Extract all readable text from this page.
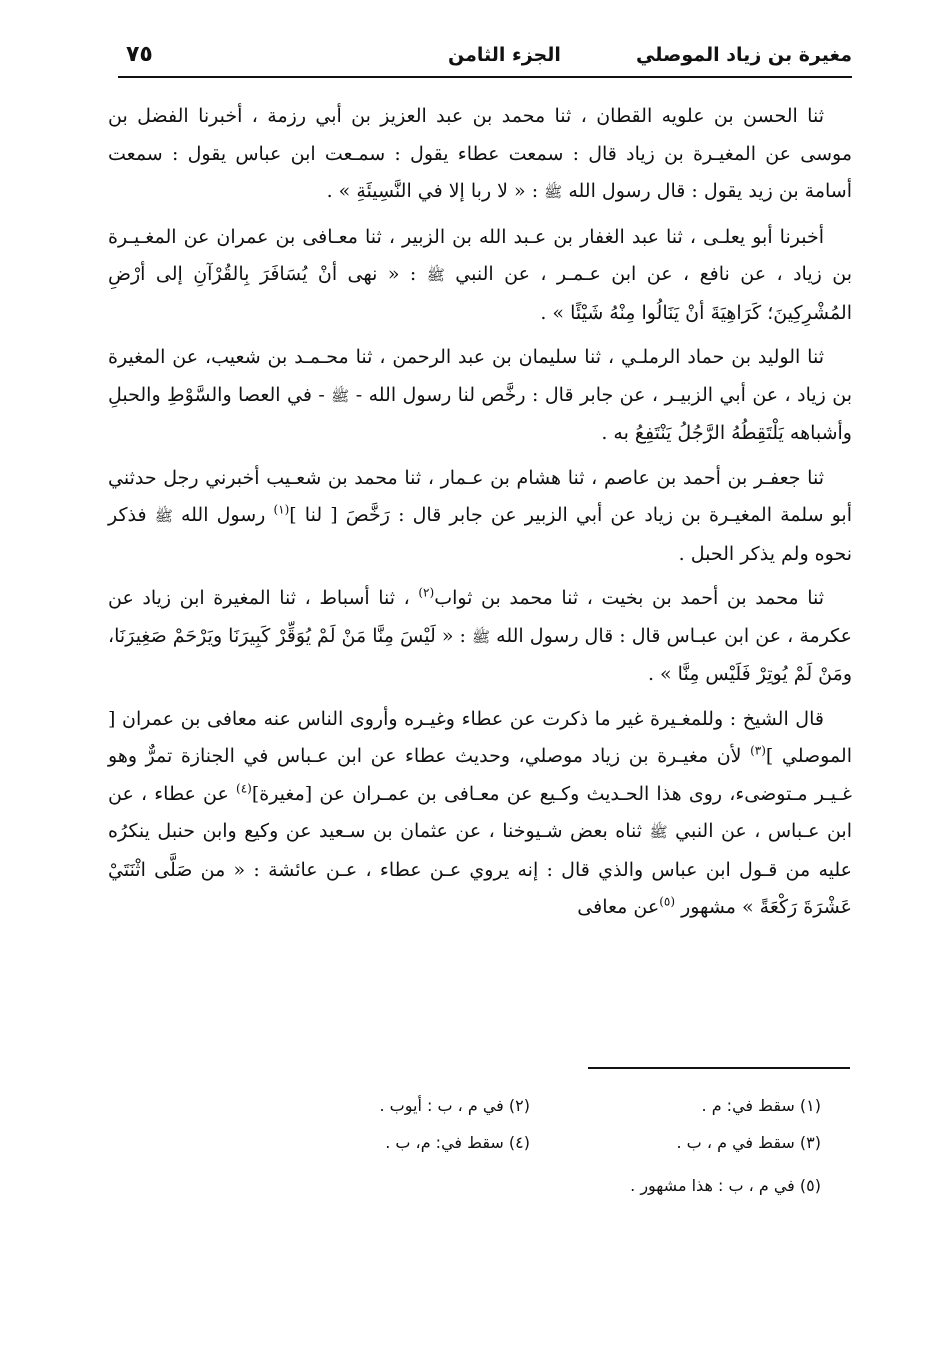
مغيرة بن زياد الموصلي
الجزء الثامن
٧٥

ثنا الحسن بن علويه القطان ، ثنا محمد بن عبد العزيز بن أبي رزمة ، أخبرنا الفضل بن موسى عن المغيـرة بن زياد قال : سمعت عطاء يقول : سمـعت ابن عباس يقول : سمعت أسامة بن زيد يقول : قال رسول الله ﷺ : « لا ربا إلا في النَّسِيئَةِ » .

أخبرنا أبو يعلـى ، ثنا عبد الغفار بن عـبد الله بن الزبير ، ثنا معـافى بن عمران عن المغـيـرة بن زياد ، عن نافع ، عن ابن عـمـر ، عن النبي ﷺ : « نهى أنْ يُسَافَرَ بِالقُرْآنِ إلى أرْضِ المُشْرِكِينَ؛ كَرَاهِيَةَ أنْ يَنَالُوا مِنْهُ شَيْئًا » .

ثنا الوليد بن حماد الرملـي ، ثنا سليمان بن عبد الرحمن ، ثنا محـمـد بن شعيب، عن المغيرة بن زياد ، عن أبي الزبيـر ، عن جابر قال : رخَّص لنا رسول الله - ﷺ - في العصا والسَّوْطِ والحبلِ وأشباهه يَلْتَقِطُهُ الرَّجُلُ يَنْتَفِعُ به .

ثنا جعفـر بن أحمد بن عاصم ، ثنا هشام بن عـمار ، ثنا محمد بن شعـيب أخبرني رجل حدثني أبو سلمة المغيـرة بن زياد عن أبي الزبير عن جابر قال : رَخَّصَ [ لنا ]$^{(١)}$ رسول الله ﷺ فذكر نحوه ولم يذكر الحبل .

ثنا محمد بن أحمد بن بخيت ، ثنا محمد بن ثواب$^{(٢)}$ ، ثنا أسباط ، ثنا المغيرة ابن زياد عن عكرمة ، عن ابن عبـاس قال : قال رسول الله ﷺ : « لَيْسَ مِنَّا مَنْ لَمْ يُوَقِّرْ كَبِيرَنَا ويَرْحَمْ صَغِيرَنَا، ومَنْ لَمْ يُوتِرْ فَلَيْس مِنَّا » .

قال الشيخ : وللمغـيرة غير ما ذكرت عن عطاء وغيـره وأروى الناس عنه معافى بن عمران [ الموصلي ]$^{(٣)}$ لأن مغيـرة بن زياد موصلي، وحديث عطاء عن ابن عـباس في الجنازة تمرٌّ وهو غـيـر مـتوضىء، روى هذا الحـديث وكـيع عن معـافى بن عمـران عن [مغيرة]$^{(٤)}$ عن عطاء ، عن ابن عـباس ، عن النبي ﷺ ثناه بعض شـيوخنا ، عن عثمان بن سـعيد عن وكيع وابن حنبل ينكرُه عليه من قـول ابن عباس والذي قال : إنه يروي عـن عطاء ، عـن عائشة : « من صَلَّى اثْنَتَيْ عَشْرَةَ رَكْعَةً » مشهور $^{(٥)}$عن معافى

(١) سقط في: م .
(٢) في م ، ب : أيوب .
(٣) سقط في م ، ب .
(٤) سقط في: م، ب .
(٥) في م ، ب : هذا مشهور .
